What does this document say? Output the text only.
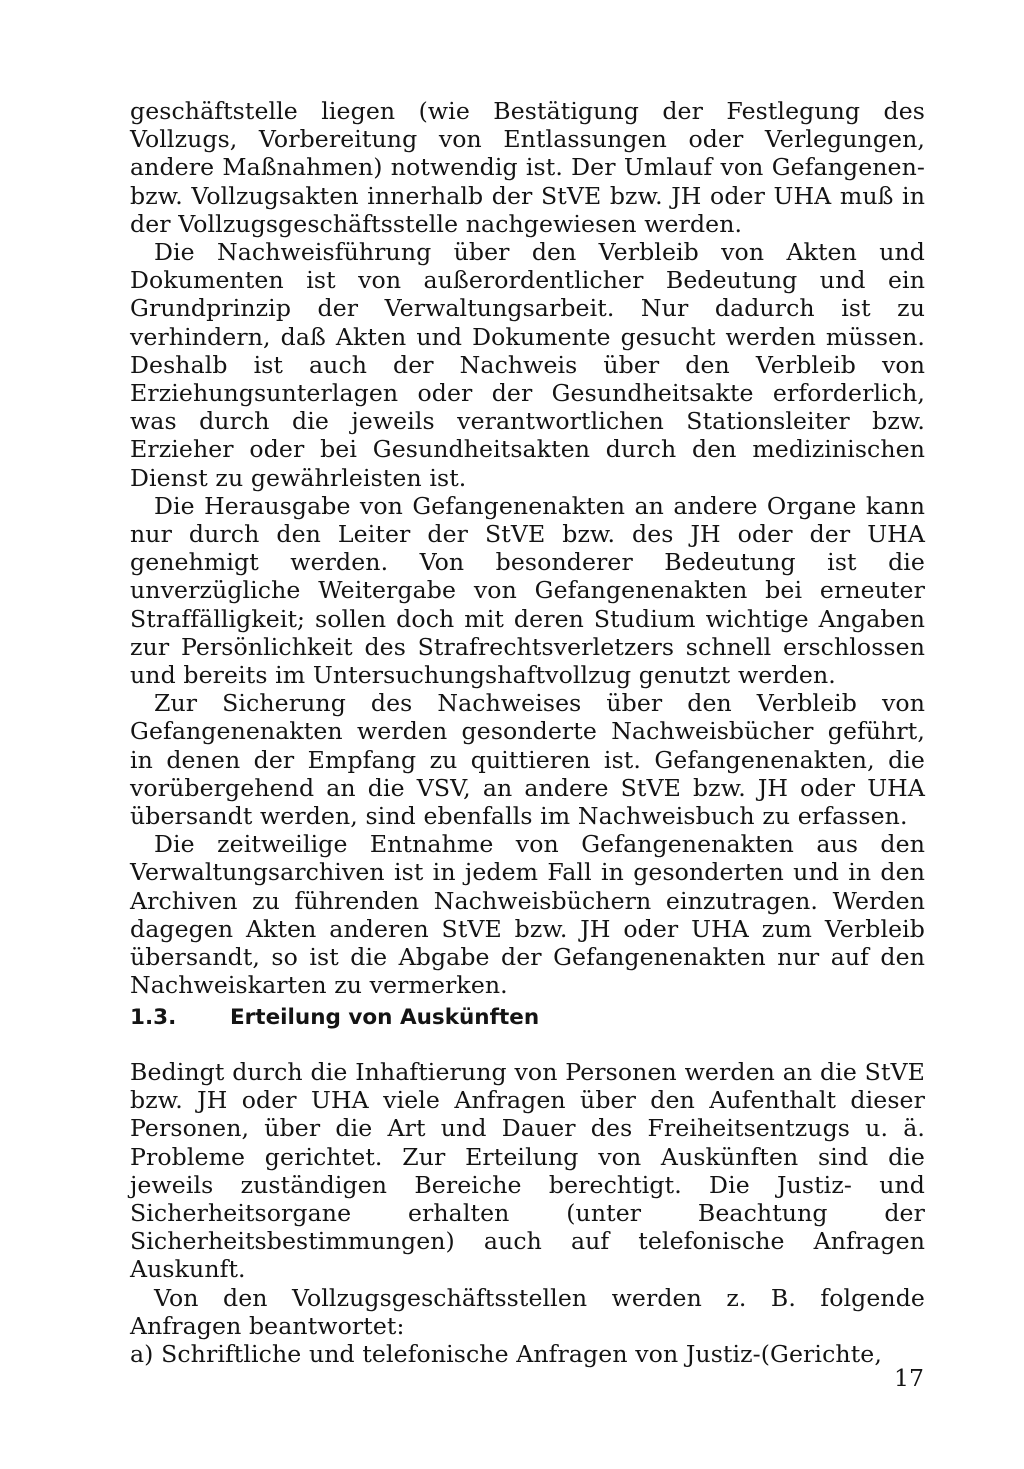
geschäftstelle liegen (wie Bestätigung der Festlegung des Vollzugs, Vorbereitung von Entlassungen oder Verlegungen, andere Maßnahmen) notwendig ist. Der Umlauf von Gefangenen- bzw. Vollzugsakten innerhalb der StVE bzw. JH oder UHA muß in der Vollzugsgeschäftsstelle nachgewiesen werden.

Die Nachweisführung über den Verbleib von Akten und Dokumenten ist von außerordentlicher Bedeutung und ein Grundprinzip der Verwaltungsarbeit. Nur dadurch ist zu verhindern, daß Akten und Dokumente gesucht werden müssen. Deshalb ist auch der Nachweis über den Verbleib von Erziehungsunterlagen oder der Gesundheitsakte erforderlich, was durch die jeweils verantwortlichen Stationsleiter bzw. Erzieher oder bei Gesundheitsakten durch den medizinischen Dienst zu gewährleisten ist.

Die Herausgabe von Gefangenenakten an andere Organe kann nur durch den Leiter der StVE bzw. des JH oder der UHA genehmigt werden. Von besonderer Bedeutung ist die unverzügliche Weitergabe von Gefangenenakten bei erneuter Straffälligkeit; sollen doch mit deren Studium wichtige Angaben zur Persönlichkeit des Strafrechtsverletzers schnell erschlossen und bereits im Untersuchungshaftvollzug genutzt werden.

Zur Sicherung des Nachweises über den Verbleib von Gefangenenakten werden gesonderte Nachweisbücher geführt, in denen der Empfang zu quittieren ist. Gefangenenakten, die vorübergehend an die VSV, an andere StVE bzw. JH oder UHA übersandt werden, sind ebenfalls im Nachweisbuch zu erfassen.

Die zeitweilige Entnahme von Gefangenenakten aus den Verwaltungsarchiven ist in jedem Fall in gesonderten und in den Archiven zu führenden Nachweisbüchern einzutragen. Werden dagegen Akten anderen StVE bzw. JH oder UHA zum Verbleib übersandt, so ist die Abgabe der Gefangenenakten nur auf den Nachweiskarten zu vermerken.

1.3. Erteilung von Auskünften

Bedingt durch die Inhaftierung von Personen werden an die StVE bzw. JH oder UHA viele Anfragen über den Aufenthalt dieser Personen, über die Art und Dauer des Freiheitsentzugs u. ä. Probleme gerichtet. Zur Erteilung von Auskünften sind die jeweils zuständigen Bereiche berechtigt. Die Justiz- und Sicherheitsorgane erhalten (unter Beachtung der Sicherheitsbestimmungen) auch auf telefonische Anfragen Auskunft.

Von den Vollzugsgeschäftsstellen werden z. B. folgende Anfragen beantwortet:

a) Schriftliche und telefonische Anfragen von Justiz-(Gerichte,

17
